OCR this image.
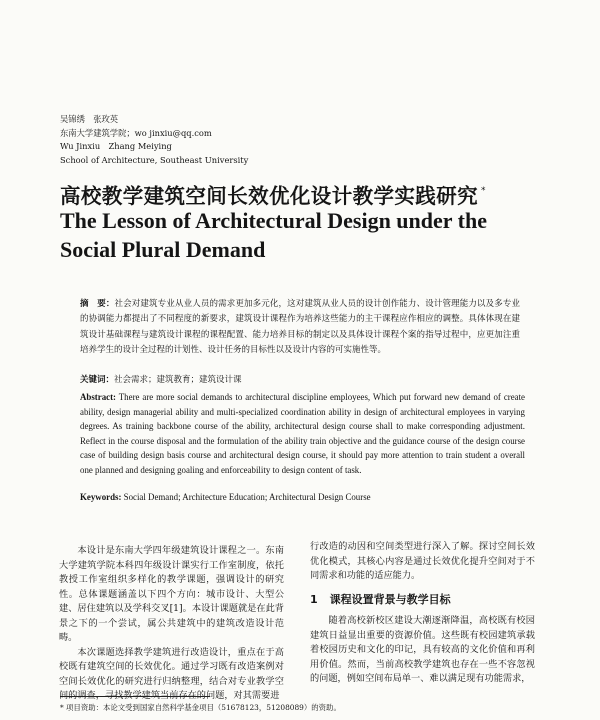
吴锦绣　张玫英
东南大学建筑学院；wo jinxiu@qq.com
Wu Jinxiu　Zhang Meiying
School of Architecture, Southeast University
高校教学建筑空间长效优化设计教学实践研究 *
The Lesson of Architectural Design under the
Social Plural Demand
摘　要：社会对建筑专业从业人员的需求更加多元化，这对建筑从业人员的设计创作能力、设计管理能力以及多专业的协调能力都提出了不同程度的新要求，建筑设计课程作为培养这些能力的主干课程应作相应的调整。具体体现在建筑设计基础课程与建筑设计课程的课程配置、能力培养目标的制定以及具体设计课程个案的指导过程中，应更加注重培养学生的设计全过程的计划性、设计任务的目标性以及设计内容的可实施性等。
关键词：社会需求；建筑教育；建筑设计课
Abstract: There are more social demands to architectural discipline employees, Which put forward new demand of create ability, design managerial ability and multi-specialized coordination ability in design of architectural employees in varying degrees. As training backbone course of the ability, architectural design course shall to make corresponding adjustment. Reflect in the course disposal and the formulation of the ability train objective and the guidance course of the design course case of building design basis course and architectural design course, it should pay more attention to train student a overall one planned and designing goaling and enforceability to design content of task.
Keywords: Social Demand; Architecture Education; Architectural Design Course

本设计是东南大学四年级建筑设计课程之一。东南大学建筑学院本科四年级设计课实行工作室制度，依托教授工作室组织多样化的教学课题，强调设计的研究性。总体课题涵盖以下四个方向：城市设计、大型公建、居住建筑以及学科交叉[1]。本设计课题就是在此背景之下的一个尝试，属公共建筑中的建筑改造设计范畴。

本次课题选择教学建筑进行改造设计，重点在于高校既有建筑空间的长效优化。通过学习既有改造案例对空间长效优化的研究进行归纳整理，结合对专业教学空间的调查，寻找教学建筑当前存在的问题，对其需要进

行改造的动因和空间类型进行深入了解。探讨空间长效优化模式，其核心内容是通过长效优化提升空间对于不同需求和功能的适应能力。

1 课程设置背景与教学目标

随着高校新校区建设大潮逐渐降温，高校既有校园建筑日益显出重要的资源价值。这些既有校园建筑承载着校园历史和文化的印记，具有较高的文化价值和再利用价值。然而，当前高校教学建筑也存在一些不容忽视的问题，例如空间布局单一、难以满足现有功能需求，

* 项目资助：本论文受到国家自然科学基金项目（51678123，51208089）的资助。
